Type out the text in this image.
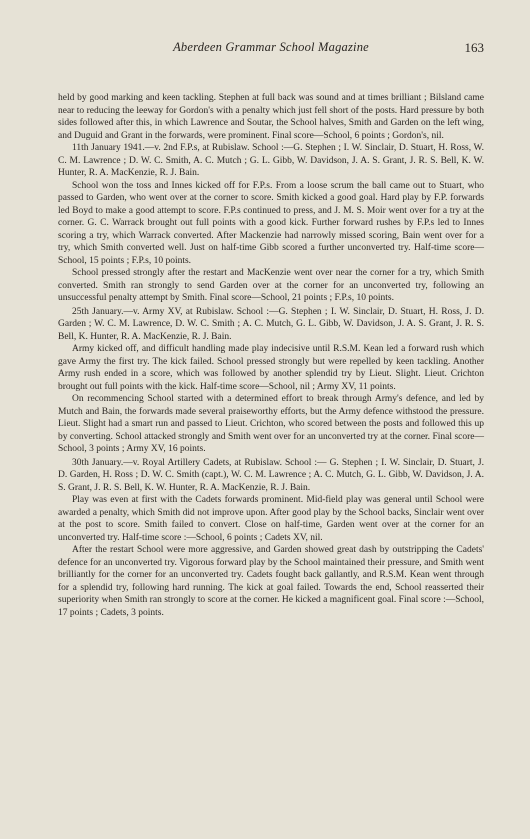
Aberdeen Grammar School Magazine	163

held by good marking and keen tackling. Stephen at full back was sound and at times brilliant ; Bilsland came near to reducing the leeway for Gordon's with a penalty which just fell short of the posts. Hard pressure by both sides followed after this, in which Lawrence and Soutar, the School halves, Smith and Garden on the left wing, and Duguid and Grant in the forwards, were prominent. Final score—School, 6 points ; Gordon's, nil.

11th January 1941.—v. 2nd F.P.s, at Rubislaw. School :—G. Stephen ; I. W. Sinclair, D. Stuart, H. Ross, W. C. M. Lawrence ; D. W. C. Smith, A. C. Mutch ; G. L. Gibb, W. Davidson, J. A. S. Grant, J. R. S. Bell, K. W. Hunter, R. A. MacKenzie, R. J. Bain.

School won the toss and Innes kicked off for F.P.s. From a loose scrum the ball came out to Stuart, who passed to Garden, who went over at the corner to score. Smith kicked a good goal. Hard play by F.P. forwards led Boyd to make a good attempt to score. F.P.s continued to press, and J. M. S. Moir went over for a try at the corner. G. C. Warrack brought out full points with a good kick. Further forward rushes by F.P.s led to Innes scoring a try, which Warrack converted. After Mackenzie had narrowly missed scoring, Bain went over for a try, which Smith converted well. Just on half-time Gibb scored a further unconverted try. Half-time score—School, 15 points ; F.P.s, 10 points.

School pressed strongly after the restart and MacKenzie went over near the corner for a try, which Smith converted. Smith ran strongly to send Garden over at the corner for an unconverted try, following an unsuccessful penalty attempt by Smith. Final score—School, 21 points ; F.P.s, 10 points.

25th January.—v. Army XV, at Rubislaw. School :—G. Stephen ; I. W. Sinclair, D. Stuart, H. Ross, J. D. Garden ; W. C. M. Lawrence, D. W. C. Smith ; A. C. Mutch, G. L. Gibb, W. Davidson, J. A. S. Grant, J. R. S. Bell, K. Hunter, R. A. MacKenzie, R. J. Bain.

Army kicked off, and difficult handling made play indecisive until R.S.M. Kean led a forward rush which gave Army the first try. The kick failed. School pressed strongly but were repelled by keen tackling. Another Army rush ended in a score, which was followed by another splendid try by Lieut. Slight. Lieut. Crichton brought out full points with the kick. Half-time score—School, nil ; Army XV, 11 points.

On recommencing School started with a determined effort to break through Army's defence, and led by Mutch and Bain, the forwards made several praiseworthy efforts, but the Army defence withstood the pressure. Lieut. Slight had a smart run and passed to Lieut. Crichton, who scored between the posts and followed this up by converting. School attacked strongly and Smith went over for an unconverted try at the corner. Final score—School, 3 points ; Army XV, 16 points.

30th January.—v. Royal Artillery Cadets, at Rubislaw. School :— G. Stephen ; I. W. Sinclair, D. Stuart, J. D. Garden, H. Ross ; D. W. C. Smith (capt.), W. C. M. Lawrence ; A. C. Mutch, G. L. Gibb, W. Davidson, J. A. S. Grant, J. R. S. Bell, K. W. Hunter, R. A. MacKenzie, R. J. Bain.

Play was even at first with the Cadets forwards prominent. Mid-field play was general until School were awarded a penalty, which Smith did not improve upon. After good play by the School backs, Sinclair went over at the post to score. Smith failed to convert. Close on half-time, Garden went over at the corner for an unconverted try. Half-time score :—School, 6 points ; Cadets XV, nil.

After the restart School were more aggressive, and Garden showed great dash by outstripping the Cadets' defence for an unconverted try. Vigorous forward play by the School maintained their pressure, and Smith went brilliantly for the corner for an unconverted try. Cadets fought back gallantly, and R.S.M. Kean went through for a splendid try, following hard running. The kick at goal failed. Towards the end, School reasserted their superiority when Smith ran strongly to score at the corner. He kicked a magnificent goal. Final score :—School, 17 points ; Cadets, 3 points.
